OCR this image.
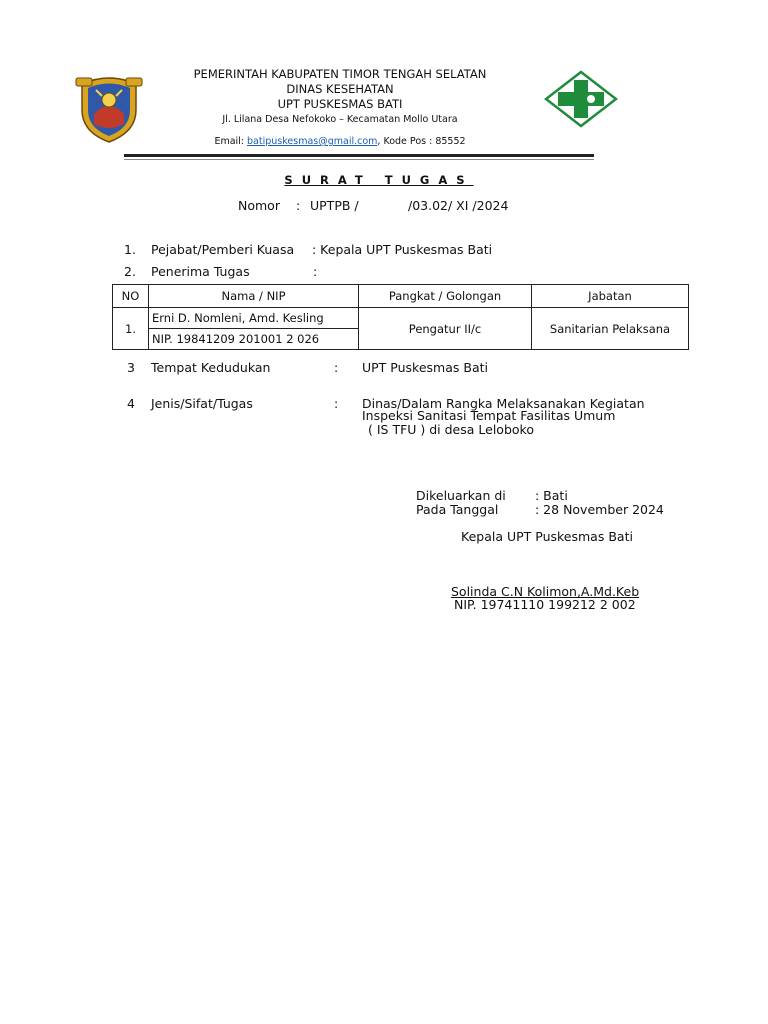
PEMERINTAH KABUPATEN TIMOR TENGAH SELATAN
DINAS KESEHATAN
UPT PUSKESMAS BATI
Jl. Lilana Desa Nefokoko – Kecamatan Mollo Utara
Email: batipuskesmas@gmail.com, Kode Pos : 85552
SURAT TUGAS
Nomor : UPTPB /	/03.02/ XI /2024
1. Pejabat/Pemberi Kuasa : Kepala UPT Puskesmas Bati
2. Penerima Tugas	:
NO	Nama / NIP	Pangkat / Golongan	Jabatan
1.	Erni D. Nomleni, Amd. Kesling	Pengatur II/c	Sanitarian Pelaksana
	NIP. 19841209 201001 2 026		
3 Tempat Kedudukan	: UPT Puskesmas Bati
4 Jenis/Sifat/Tugas	: Dinas/Dalam Rangka Melaksanakan Kegiatan
Inspeksi Sanitasi Tempat Fasilitas Umum
( IS TFU ) di desa Leloboko
Dikeluarkan di : Bati
Pada Tanggal	: 28 November 2024
Kepala UPT Puskesmas Bati
Solinda C.N Kolimon,A.Md.Keb
NIP. 19741110 199212 2 002
